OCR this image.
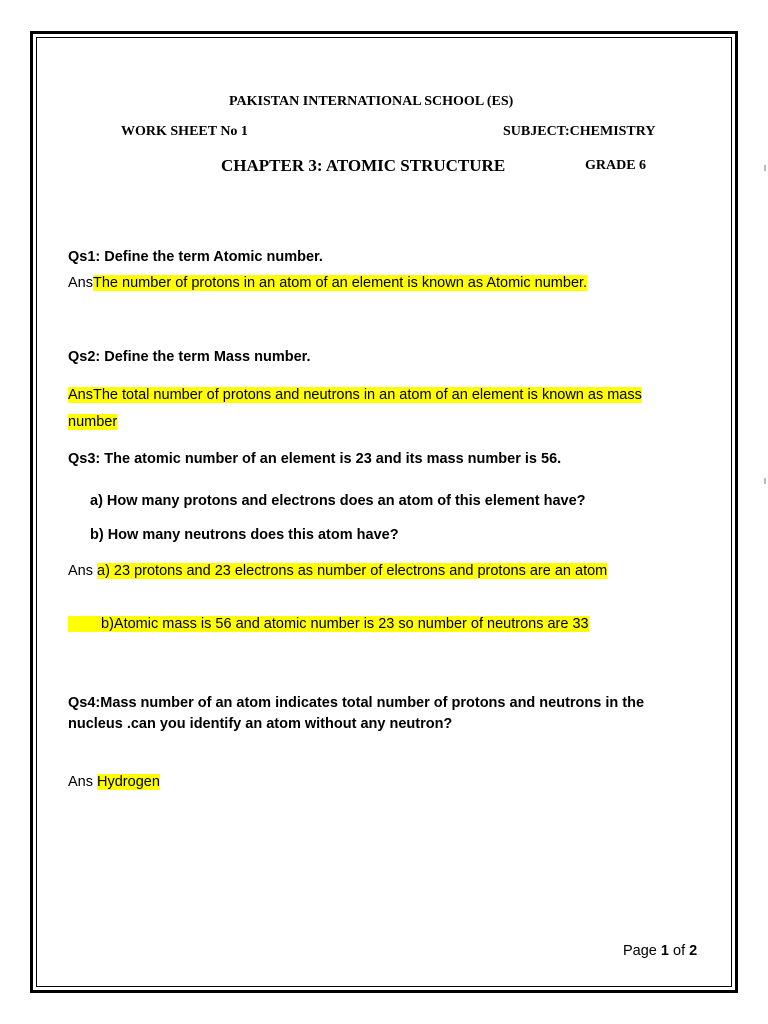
PAKISTAN INTERNATIONAL SCHOOL (ES)
WORK SHEET No 1	SUBJECT:CHEMISTRY
CHAPTER 3: ATOMIC STRUCTURE	GRADE 6
Qs1: Define the term Atomic number.
AnsThe number of protons in an atom of an element is known as Atomic number.
Qs2: Define the term Mass number.
AnsThe total number of protons and neutrons in an atom of an element is known as mass
number
Qs3: The atomic number of an element is 23 and its mass number is 56.
a) How many protons and electrons does an atom of this element have?
b) How many neutrons does this atom have?
Ans a) 23 protons and 23 electrons as number of electrons and protons are an atom
b)Atomic mass is 56 and atomic number is 23 so number of neutrons are 33
Qs4:Mass number of an atom indicates total number of protons and neutrons in the
nucleus .can you identify an atom without any neutron?
Ans Hydrogen
Page 1 of 2
